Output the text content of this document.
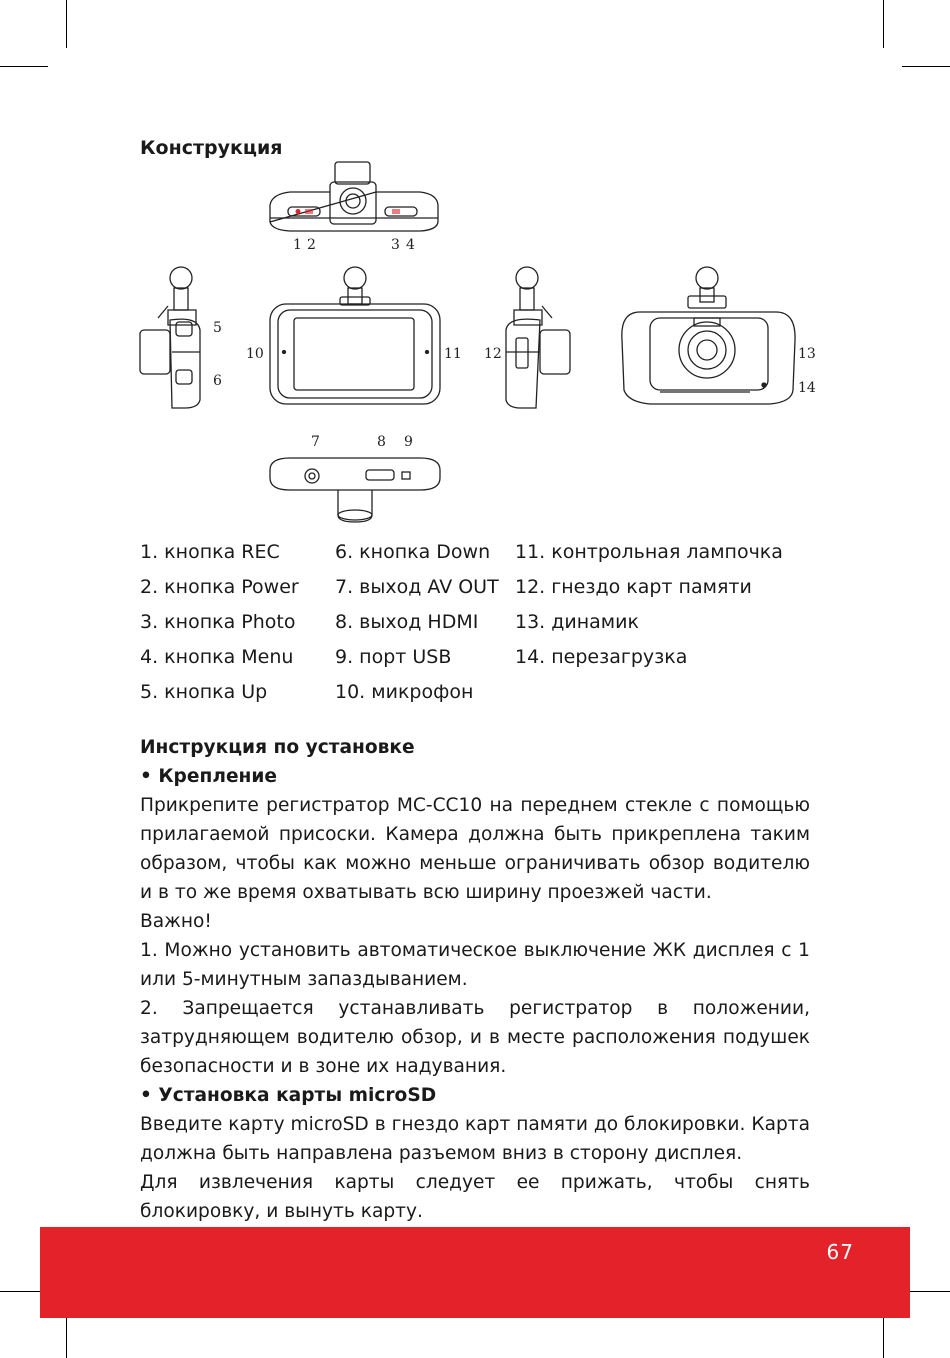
Конструкция
1 2	3 4
5
6
10	11 12	13
14
7	8 9
1. кнопка REC
2. кнопка Power
3. кнопка Photo
4. кнопка Menu
5. кнопка Up
6. кнопка Down
7. выход AV OUT
8. выход HDMI
9. порт USB
10. микрофон
11. контрольная лампочка
12. гнездо карт памяти
13. динамик
14. перезагрузка

Инструкция по установке

• Крепление

Прикрепите регистратор MC-CC10 на переднем стекле с помощью прилагаемой присоски. Камера должна быть прикреплена таким образом, чтобы как можно меньше ограничивать обзор водителю и в то же время охватывать всю ширину проезжей части.

Важно!

1. Можно установить автоматическое выключение ЖК дисплея с 1 или 5-минутным запаздыванием.

2. Запрещается устанавливать регистратор в положении, затрудняющем водителю обзор, и в месте расположения подушек безопасности и в зоне их надувания.

• Установка карты microSD

Введите карту microSD в гнездо карт памяти до блокировки. Карта должна быть направлена разъемом вниз в сторону дисплея.

Для извлечения карты следует ее прижать, чтобы снять блокировку, и вынуть карту.

67
